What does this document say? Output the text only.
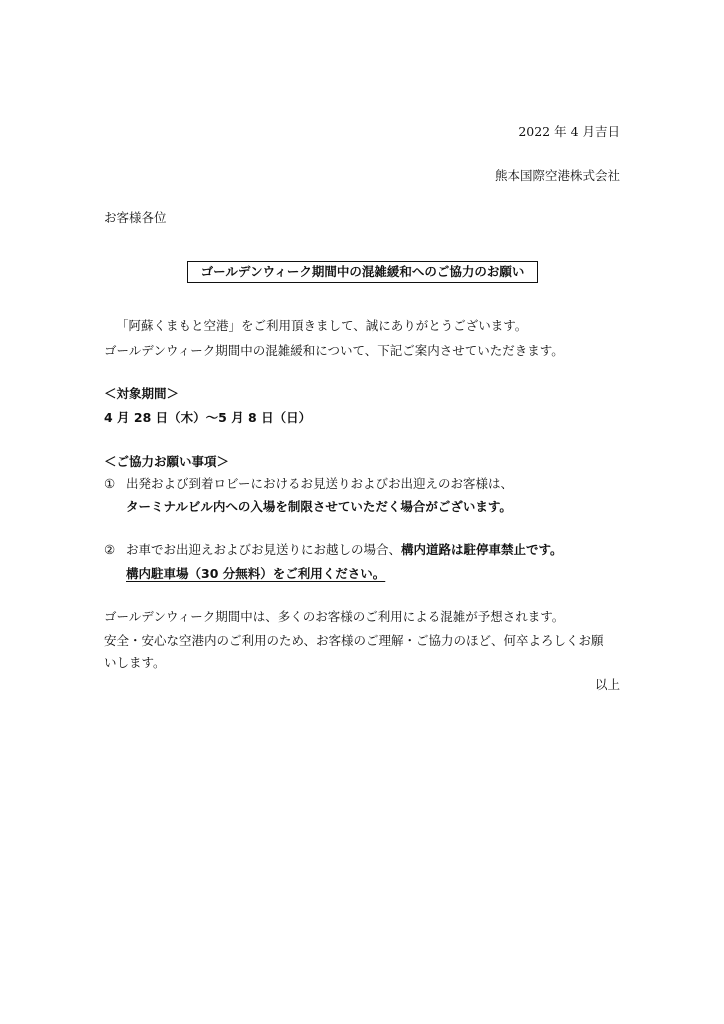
2022 年 4 月吉日
熊本国際空港株式会社
お客様各位
ゴールデンウィーク期間中の混雑緩和へのご協力のお願い
「阿蘇くまもと空港」をご利用頂きまして、誠にありがとうございます。
ゴールデンウィーク期間中の混雑緩和について、下記ご案内させていただきます。
＜対象期間＞
4 月 28 日（木）～5 月 8 日（日）
＜ご協力お願い事項＞
① 出発および到着ロビーにおけるお見送りおよびお出迎えのお客様は、
ターミナルビル内への入場を制限させていただく場合がございます。
② お車でお出迎えおよびお見送りにお越しの場合、構内道路は駐停車禁止です。
構内駐車場（30 分無料）をご利用ください。
ゴールデンウィーク期間中は、多くのお客様のご利用による混雑が予想されます。
安全・安心な空港内のご利用のため、お客様のご理解・ご協力のほど、何卒よろしくお願
いします。
以上
